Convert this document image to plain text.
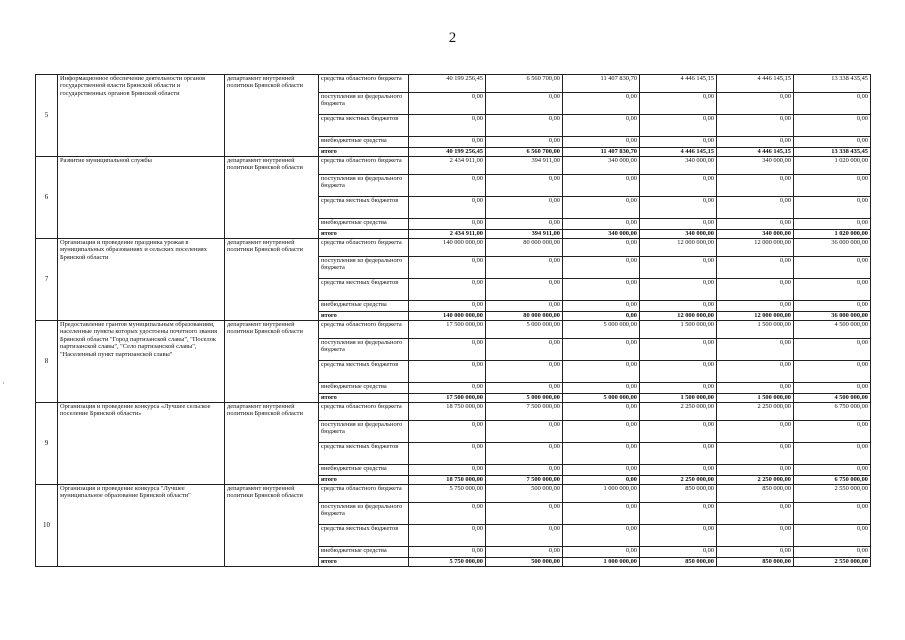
2
·
5	Информационное обеспечение деятельности органов государственной власти Брянской области и государственных органов Брянской области	департамент внутренней политики Брянской области	средства областного бюджета	40 199 256,45	6 560 700,00	11 407 830,70	4 446 145,15	4 446 145,15	13 338 435,45
			поступления из федерального бюджета	0,00	0,00	0,00	0,00	0,00	0,00
			средства местных бюджетов	0,00	0,00	0,00	0,00	0,00	0,00
			внебюджетные средства	0,00	0,00	0,00	0,00	0,00	0,00
			итого	40 199 256,45	6 560 700,00	11 407 830,70	4 446 145,15	4 446 145,15	13 338 435,45
6	Развитие муниципальной службы	департамент внутренней политики Брянской области	средства областного бюджета	2 434 911,00	394 911,00	340 000,00	340 000,00	340 000,00	1 020 000,00
			поступления из федерального бюджета	0,00	0,00	0,00	0,00	0,00	0,00
			средства местных бюджетов	0,00	0,00	0,00	0,00	0,00	0,00
			внебюджетные средства	0,00	0,00	0,00	0,00	0,00	0,00
			итого	2 434 911,00	394 911,00	340 000,00	340 000,00	340 000,00	1 020 000,00
7	Организация и проведение праздника урожая в муниципальных образованиях и сельских поселениях Брянской области	департамент внутренней политики Брянской области	средства областного бюджета	140 000 000,00	80 000 000,00	0,00	12 000 000,00	12 000 000,00	36 000 000,00
			поступления из федерального бюджета	0,00	0,00	0,00	0,00	0,00	0,00
			средства местных бюджетов	0,00	0,00	0,00	0,00	0,00	0,00
			внебюджетные средства	0,00	0,00	0,00	0,00	0,00	0,00
			итого	140 000 000,00	80 000 000,00	0,00	12 000 000,00	12 000 000,00	36 000 000,00
8	Предоставление грантов муниципальным образованиям, населенные пункты которых удостоены почетного звания Брянской области "Город партизанской славы", "Поселок партизанской славы", "Село партизанской славы", "Населенный пункт партизанской славы"	департамент внутренней политики Брянской области	средства областного бюджета	17 500 000,00	5 000 000,00	5 000 000,00	1 500 000,00	1 500 000,00	4 500 000,00
			поступления из федерального бюджета	0,00	0,00	0,00	0,00	0,00	0,00
			средства местных бюджетов	0,00	0,00	0,00	0,00	0,00	0,00
			внебюджетные средства	0,00	0,00	0,00	0,00	0,00	0,00
			итого	17 500 000,00	5 000 000,00	5 000 000,00	1 500 000,00	1 500 000,00	4 500 000,00
9	Организация и проведение конкурса «Лучшее сельское поселение Брянской области»	департамент внутренней политики Брянской области	средства областного бюджета	18 750 000,00	7 500 000,00	0,00	2 250 000,00	2 250 000,00	6 750 000,00
			поступления из федерального бюджета	0,00	0,00	0,00	0,00	0,00	0,00
			средства местных бюджетов	0,00	0,00	0,00	0,00	0,00	0,00
			внебюджетные средства	0,00	0,00	0,00	0,00	0,00	0,00
			итого	18 750 000,00	7 500 000,00	0,00	2 250 000,00	2 250 000,00	6 750 000,00
10	Организация и проведение конкурса "Лучшее муниципальное образование Брянской области"	департамент внутренней политики Брянской области	средства областного бюджета	5 750 000,00	500 000,00	1 000 000,00	850 000,00	850 000,00	2 550 000,00
			поступления из федерального бюджета	0,00	0,00	0,00	0,00	0,00	0,00
			средства местных бюджетов	0,00	0,00	0,00	0,00	0,00	0,00
			внебюджетные средства	0,00	0,00	0,00	0,00	0,00	0,00
			итого	5 750 000,00	500 000,00	1 000 000,00	850 000,00	850 000,00	2 550 000,00
